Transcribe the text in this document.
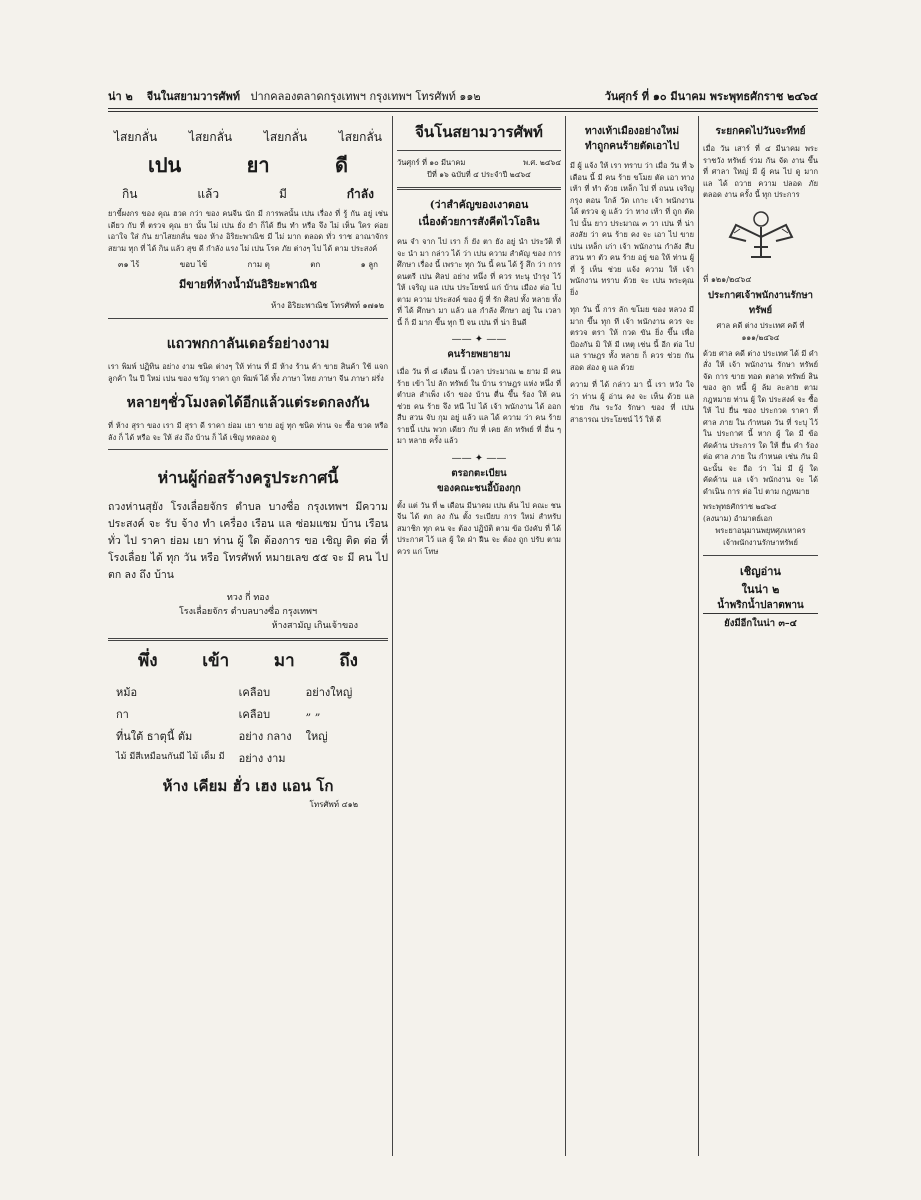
น่า ๒ จีนในสยามวารศัพท์ ปากคลองตลาดกรุงเทพฯ กรุงเทพฯ โทรศัพท์ ๑๑๒	วันศุกร์ ที่ ๑๐ มีนาคม พระพุทธศักราช ๒๔๖๔
ไสยกลั่น	ไสยกลั่น	ไสยกลั่น	ไสยกลั่น
เปน	ยา	ดี
กิน	แล้ว	มี	กำลัง
ยาขี้ผงกร ของ คุณ ฮวด กว่า ของ คนจีน นัก มี การพลนั้น เปน เรื่อง ที่ รู้ กัน อยู่ เช่น เดียว กับ ที่ ตรวจ คุณ ยา นั้น ไม่ เปน ยั่ง ยำ ก็ได้ ยืน ทำ หรือ จึง ไม่ เห็น ใคร ค่อย เอาใจ ใส่ กัน ยาไสยกลั่น ของ ห้าง อิริยะพาณิช มี ไม่ มาก ตลอด ทั่ว ราช อาณาจักร สยาม ทุก ที่ ได้ กิน แล้ว สุข ดี กำลัง แรง ไม่ เปน โรค ภัย ต่างๆ ไป ได้ ตาม ประสงค์
๓๑ ไร้	ขอบ ไข้	กาม ตุ	ตก	๑ ลูก
มีขายที่ห้างน้ำมันอิริยะพาณิช
ห้าง อิริยะพาณิช โทรศัพท์ ๑๗๑๒
แถวพกกาลันเดอร์อย่างงาม
เรา พิมพ์ ปฏิทิน อย่าง งาม ชนิด ต่างๆ ให้ ท่าน ที่ มี ห้าง ร้าน ค้า ขาย สินค้า ใช้ แจก ลูกค้า ใน ปี ใหม่ เปน ของ ขวัญ ราคา ถูก พิมพ์ ได้ ทั้ง ภาษา ไทย ภาษา จีน ภาษา ฝรั่ง
หลายๆชั่วโมงลดได้อีกแล้วแต่ระดกลงกัน
ที่ ห้าง สุรา ของ เรา มี สุรา ดี ราคา ย่อม เยา ขาย อยู่ ทุก ชนิด ท่าน จะ ซื้อ ขวด หรือ ลัง ก็ ได้ หรือ จะ ให้ ส่ง ถึง บ้าน ก็ ได้ เชิญ ทดลอง ดู
ห่านผู้ก่อสร้างครูประกาศนี้
ถวงห่านสุยัง โรงเลื่อยจักร ตำบล บางซื่อ กรุงเทพฯ มีความ ประสงค์ จะ รับ จ้าง ทำ เครื่อง เรือน แล ซ่อมแซม บ้าน เรือน ทั่ว ไป ราคา ย่อม เยา ท่าน ผู้ ใด ต้องการ ขอ เชิญ ติด ต่อ ที่ โรงเลื่อย ได้ ทุก วัน หรือ โทรศัพท์ หมายเลข ๕๕ จะ มี คน ไป ตก ลง ถึง บ้าน
ทวง กี่ ทอง
โรงเลื่อยจักร ตำบลบางซื่อ กรุงเทพฯ
ห้างสามัญ เกินเจ้าของ
พึ่ง	เข้า	มา	ถึง
หม้อ	เคลือบ	อย่างใหญ่
กา	เคลือบ	„ „
ที่นใต้ ธาตุนี้ ตัม	อย่าง กลาง	ใหญ่
ไม้ มีสีเหมือนกันมี ไม้ เด็ม มี	อย่าง งาม	
ห้าง เคียม ฮั่ว เฮง แอน โก
โทรศัพท์ ๔๑๒
จีนโนสยามวารศัพท์
วันศุกร์ ที่ ๑๐ มีนาคม	พ.ศ. ๒๔๖๔
ปีที่ ๑๖ ฉบับที่ ๔ ประจำปี ๒๔๖๔
(ว่าสำคัญของเงาตอน
เนื่องด้วยการสังคีตไวโอลิน
คน จำ จาก ไป เรา ก็ ยัง ตา ยัง อยู่ นำ ประวัติ ที่ จะ นำ มา กล่าว ได้ ว่า เปน ความ สำคัญ ของ การ ศึกษา เรื่อง นี้ เพราะ ทุก วัน นี้ คน ได้ รู้ สึก ว่า การ ดนตรี เปน ศิลป อย่าง หนึ่ง ที่ ควร ทะนุ บำรุง ไว้ ให้ เจริญ แล เปน ประโยชน์ แก่ บ้าน เมือง ต่อ ไป ตาม ความ ประสงค์ ของ ผู้ ที่ รัก ศิลป ทั้ง หลาย ทั้ง ที่ ได้ ศึกษา มา แล้ว แล กำลัง ศึกษา อยู่ ใน เวลา นี้ ก็ มี มาก ขึ้น ทุก ปี จน เปน ที่ น่า ยินดี
—— ✦ ——
คนร้ายพยายาม
เมื่อ วัน ที่ ๘ เดือน นี้ เวลา ประมาณ ๒ ยาม มี คน ร้าย เข้า ไป ลัก ทรัพย์ ใน บ้าน ราษฎร แห่ง หนึ่ง ที่ ตำบล สำเพ็ง เจ้า ของ บ้าน ตื่น ขึ้น ร้อง ให้ คน ช่วย คน ร้าย จึง หนี ไป ได้ เจ้า พนักงาน ได้ ออก สืบ สวน จับ กุม อยู่ แล้ว แล ได้ ความ ว่า คน ร้าย รายนี้ เปน พวก เดียว กับ ที่ เคย ลัก ทรัพย์ ที่ อื่น ๆ มา หลาย ครั้ง แล้ว
—— ✦ ——
ตรอกตะเบียน
ของคณะชนอี้บ้องกุก
ตั้ง แต่ วัน ที่ ๒ เดือน มีนาคม เปน ต้น ไป คณะ ชน จีน ได้ ตก ลง กัน ตั้ง ระเบียบ การ ใหม่ สำหรับ สมาชิก ทุก คน จะ ต้อง ปฏิบัติ ตาม ข้อ บังคับ ที่ ได้ ประกาศ ไว้ แล ผู้ ใด ฝ่า ฝืน จะ ต้อง ถูก ปรับ ตาม ควร แก่ โทษ
ทางเท้าเมืองอย่างใหม่
ทำถูกคนร้ายตัดเอาไป
มี ผู้ แจ้ง ให้ เรา ทราบ ว่า เมื่อ วัน ที่ ๖ เดือน นี้ มี คน ร้าย ขโมย ตัด เอา ทาง เท้า ที่ ทำ ด้วย เหล็ก ไป ที่ ถนน เจริญ กรุง ตอน ใกล้ วัด เกาะ เจ้า พนักงาน ได้ ตรวจ ดู แล้ว ว่า ทาง เท้า ที่ ถูก ตัด ไป นั้น ยาว ประมาณ ๓ วา เปน ที่ น่า สงสัย ว่า คน ร้าย คง จะ เอา ไป ขาย เปน เหล็ก เก่า เจ้า พนักงาน กำลัง สืบ สวน หา ตัว คน ร้าย อยู่ ขอ ให้ ท่าน ผู้ ที่ รู้ เห็น ช่วย แจ้ง ความ ให้ เจ้า พนักงาน ทราบ ด้วย จะ เปน พระคุณ ยิ่ง
ทุก วัน นี้ การ ลัก ขโมย ของ หลวง มี มาก ขึ้น ทุก ที เจ้า พนักงาน ควร จะ ตรวจ ตรา ให้ กวด ขัน ยิ่ง ขึ้น เพื่อ ป้องกัน มิ ให้ มี เหตุ เช่น นี้ อีก ต่อ ไป แล ราษฎร ทั้ง หลาย ก็ ควร ช่วย กัน สอด ส่อง ดู แล ด้วย
ความ ที่ ได้ กล่าว มา นี้ เรา หวัง ใจ ว่า ท่าน ผู้ อ่าน คง จะ เห็น ด้วย แล ช่วย กัน ระวัง รักษา ของ ที่ เปน สาธารณ ประโยชน์ ไว้ ให้ ดี
ระยกคดไปวันจะทีทย์
เมื่อ วัน เสาร์ ที่ ๔ มีนาคม พระ ราชวัง ทรัพย์ ร่วม กัน จัด งาน ขึ้น ที่ ศาลา ใหญ่ มี ผู้ คน ไป ดู มาก แล ได้ ถวาย ความ ปลอด ภัย ตลอด งาน ครั้ง นี้ ทุก ประการ
ที่ ๑๒๑/๒๔๖๔
ประกาศเจ้าพนักงานรักษาทรัพย์
ศาล คดี ต่าง ประเทศ คดี ที่ ๑๑๑/๒๔๖๔
ด้วย ศาล คดี ต่าง ประเทศ ได้ มี คำ สั่ง ให้ เจ้า พนักงาน รักษา ทรัพย์ จัด การ ขาย ทอด ตลาด ทรัพย์ สิน ของ ลูก หนี้ ผู้ ล้ม ละลาย ตาม กฎหมาย ท่าน ผู้ ใด ประสงค์ จะ ซื้อ ให้ ไป ยื่น ซอง ประกวด ราคา ที่ ศาล ภาย ใน กำหนด วัน ที่ ระบุ ไว้ ใน ประกาศ นี้ หาก ผู้ ใด มี ข้อ คัดค้าน ประการ ใด ให้ ยื่น คำ ร้อง ต่อ ศาล ภาย ใน กำหนด เช่น กัน มิ ฉะนั้น จะ ถือ ว่า ไม่ มี ผู้ ใด คัดค้าน แล เจ้า พนักงาน จะ ได้ ดำเนิน การ ต่อ ไป ตาม กฎหมาย
พระพุทธศักราช ๒๔๖๔
(ลงนาม) อำมาตย์เอก
พระยาอนุมานพยุหศุภเหาคร
เจ้าพนักงานรักษาทรัพย์
เชิญอ่าน
ในน่า ๒
น้ำพริกน้ำปลาตพาน
ยังมีอีกในน่า ๓–๔
